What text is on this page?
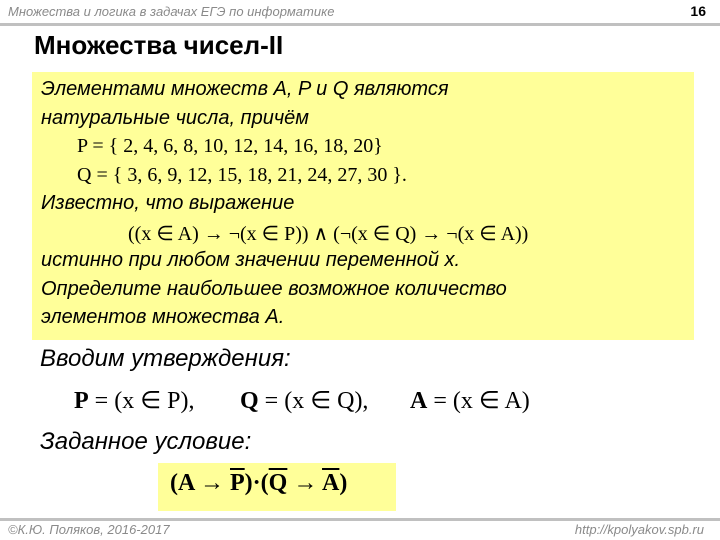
Множества и логика в задачах ЕГЭ по информатике	16
Множества чисел-II
Элементами множеств A, P и Q являются
натуральные числа, причём
P = { 2, 4, 6, 8, 10, 12, 14, 16, 18, 20}
Q = { 3, 6, 9, 12, 15, 18, 21, 24, 27, 30 }.
Известно, что выражение
((x ∈ A) → ¬(x ∈ P)) ∧ (¬(x ∈ Q) → ¬(x ∈ A))
истинно при любом значении переменной x.
Определите наибольшее возможное количество
элементов множества A.
Вводим утверждения:
P = (x ∈ P), Q = (x ∈ Q), A = (x ∈ A)
Заданное условие:
$(A \to \overline{P})\cdot(\overline{Q} \to \overline{A})$
©К.Ю. Поляков, 2016-2017	http://kpolyakov.spb.ru
